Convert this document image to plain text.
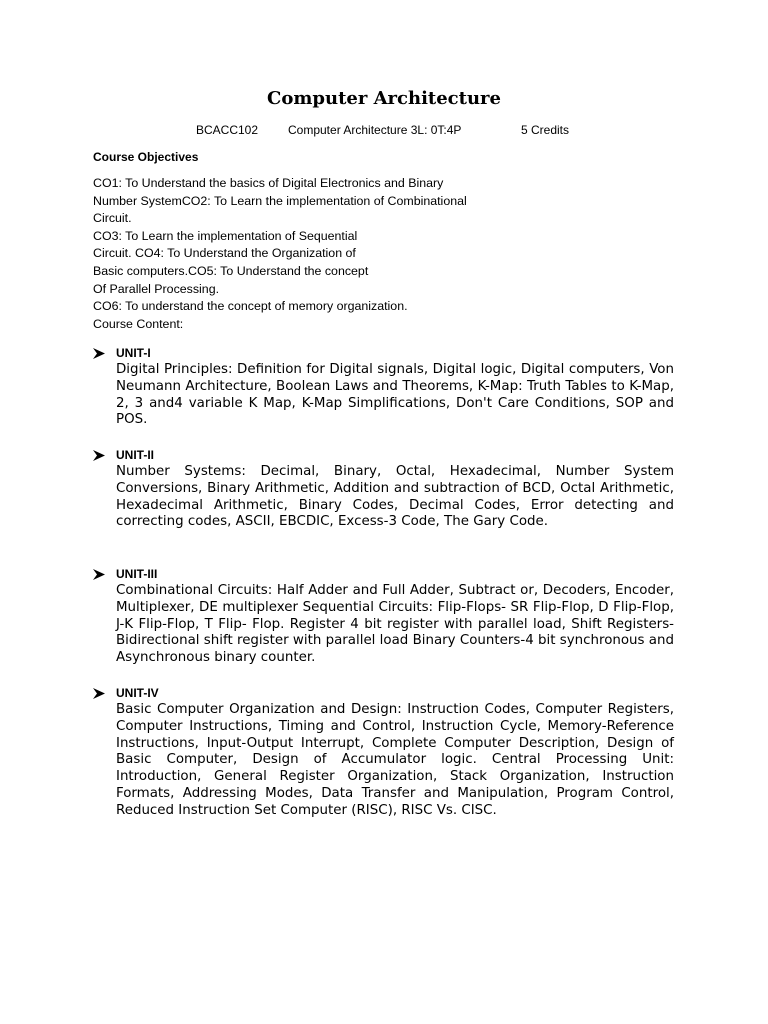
Computer Architecture
BCACC102 Computer Architecture 3L: 0T:4P	5 Credits
Course Objectives
CO1: To Understand the basics of Digital Electronics and Binary
Number SystemCO2: To Learn the implementation of Combinational
Circuit.
CO3: To Learn the implementation of Sequential
Circuit. CO4: To Understand the Organization of
Basic computers.CO5: To Understand the concept
Of Parallel Processing.
CO6: To understand the concept of memory organization.
Course Content:
UNIT-I
Digital Principles: Definition for Digital signals, Digital logic, Digital computers, Von Neumann Architecture, Boolean Laws and Theorems, K-Map: Truth Tables to K-Map, 2, 3 and4 variable K Map, K-Map Simplifications, Don't Care Conditions, SOP and POS.
UNIT-II
Number Systems: Decimal, Binary, Octal, Hexadecimal, Number System Conversions, Binary Arithmetic, Addition and subtraction of BCD, Octal Arithmetic, Hexadecimal Arithmetic, Binary Codes, Decimal Codes, Error detecting and correcting codes, ASCII, EBCDIC, Excess-3 Code, The Gary Code.
UNIT-III
Combinational Circuits: Half Adder and Full Adder, Subtract or, Decoders, Encoder, Multiplexer, DE multiplexer Sequential Circuits: Flip-Flops- SR Flip-Flop, D Flip-Flop, J-K Flip-Flop, T Flip- Flop. Register 4 bit register with parallel load, Shift Registers- Bidirectional shift register with parallel load Binary Counters-4 bit synchronous and Asynchronous binary counter.
UNIT-IV
Basic Computer Organization and Design: Instruction Codes, Computer Registers, Computer Instructions, Timing and Control, Instruction Cycle, Memory-Reference Instructions, Input-Output Interrupt, Complete Computer Description, Design of Basic Computer, Design of Accumulator logic. Central Processing Unit: Introduction, General Register Organization, Stack Organization, Instruction Formats, Addressing Modes, Data Transfer and Manipulation, Program Control, Reduced Instruction Set Computer (RISC), RISC Vs. CISC.
